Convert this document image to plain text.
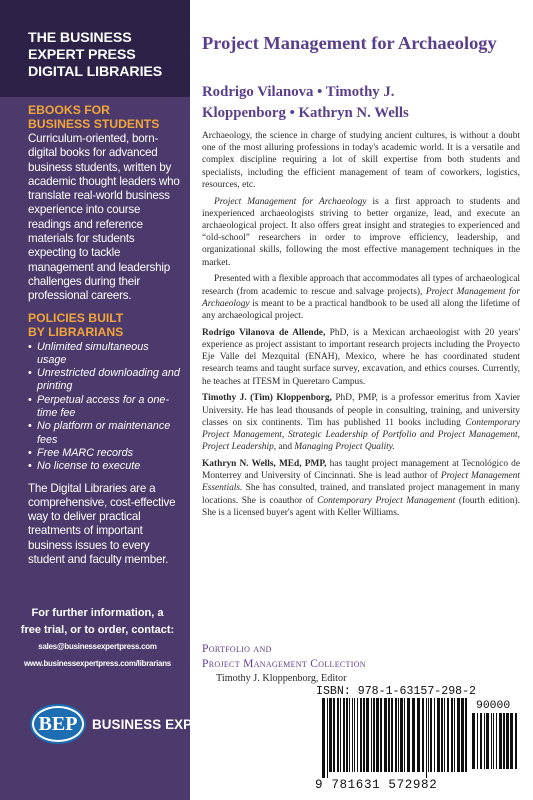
THE BUSINESS
EXPERT PRESS
DIGITAL LIBRARIES
EBOOKS FOR
BUSINESS STUDENTS
Curriculum-oriented, born-digital books for advanced business students, written by academic thought leaders who translate real-world business experience into course readings and reference materials for students expecting to tackle management and leadership challenges during their professional careers.
POLICIES BUILT
BY LIBRARIANS
• Unlimited simultaneous usage
• Unrestricted downloading and printing
• Perpetual access for a one-time fee
• No platform or maintenance fees
• Free MARC records
• No license to execute
The Digital Libraries are a comprehensive, cost-effective way to deliver practical treatments of important business issues to every student and faculty member.
For further information, a
free trial, or to order, contact:
sales@businessexpertpress.com
www.businessexpertpress.com/librarians
BEP	BUSINESS EXPERT PRESS
Project Management for Archaeology
Rodrigo Vilanova • Timothy J.
Kloppenborg • Kathryn N. Wells

Archaeology, the science in charge of studying ancient cultures, is without a doubt one of the most alluring professions in today's academic world. It is a versatile and complex discipline requiring a lot of skill expertise from both students and specialists, including the efficient management of team of coworkers, logistics, resources, etc.

Project Management for Archaeology is a first approach to students and inexperienced archaeologists striving to better organize, lead, and execute an archaeological project. It also offers great insight and strategies to experienced and “old-school” researchers in order to improve efficiency, leadership, and organizational skills, following the most effective management techniques in the market.

Presented with a flexible approach that accommodates all types of archaeological research (from academic to rescue and salvage projects), Project Management for Archaeology is meant to be a practical handbook to be used all along the lifetime of any archaeological project.

Rodrigo Vilanova de Allende, PhD, is a Mexican archaeologist with 20 years' experience as project assistant to important research projects including the Proyecto Eje Valle del Mezquital (ENAH), Mexico, where he has coordinated student research teams and taught surface survey, excavation, and ethics courses. Currently, he teaches at ITESM in Queretaro Campus.

Timothy J. (Tim) Kloppenborg, PhD, PMP, is a professor emeritus from Xavier University. He has lead thousands of people in consulting, training, and university classes on six continents. Tim has published 11 books including Contemporary Project Management, Strategic Leadership of Portfolio and Project Management, Project Leadership, and Managing Project Quality.

Kathryn N. Wells, MEd, PMP, has taught project management at Tecnológico de Monterrey and University of Cincinnati. She is lead author of Project Management Essentials. She has consulted, trained, and translated project management in many locations. She is coauthor of Contemporary Project Management (fourth edition). She is a licensed buyer's agent with Keller Williams.

Portfolio and
Project Management Collection
Timothy J. Kloppenborg, Editor
ISBN: 978-1-63157-298-2
90000
9 781631 572982
